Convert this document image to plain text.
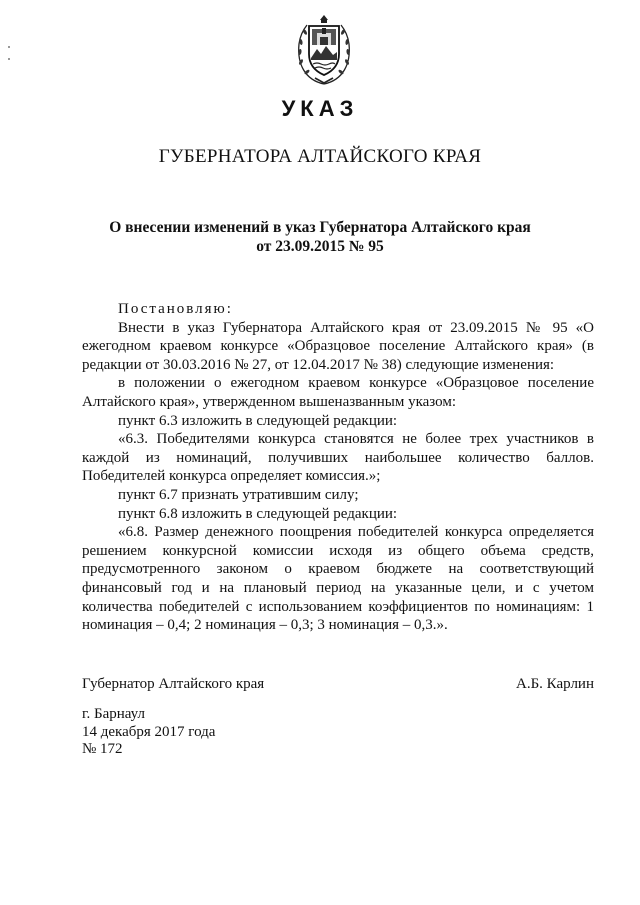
УКАЗ
ГУБЕРНАТОРА АЛТАЙСКОГО КРАЯ
О внесении изменений в указ Губернатора Алтайского края
от 23.09.2015 № 95
Постановляю:
Внести в указ Губернатора Алтайского края от 23.09.2015 № 95 «О ежегодном краевом конкурсе «Образцовое поселение Алтайского края» (в редакции от 30.03.2016 № 27, от 12.04.2017 № 38) следующие изменения:
в положении о ежегодном краевом конкурсе «Образцовое поселение Алтайского края», утвержденном вышеназванным указом:
пункт 6.3 изложить в следующей редакции:
«6.3. Победителями конкурса становятся не более трех участников в каждой из номинаций, получивших наибольшее количество баллов. Победителей конкурса определяет комиссия.»;
пункт 6.7 признать утратившим силу;
пункт 6.8 изложить в следующей редакции:
«6.8. Размер денежного поощрения победителей конкурса определяется решением конкурсной комиссии исходя из общего объема средств, предусмотренного законом о краевом бюджете на соответствующий финансовый год и на плановый период на указанные цели, и с учетом количества победителей с использованием коэффициентов по номинациям: 1 номинация – 0,4; 2 номинация – 0,3; 3 номинация – 0,3.».
Губернатор Алтайского края	А.Б. Карлин
г. Барнаул
14 декабря 2017 года
№ 172
